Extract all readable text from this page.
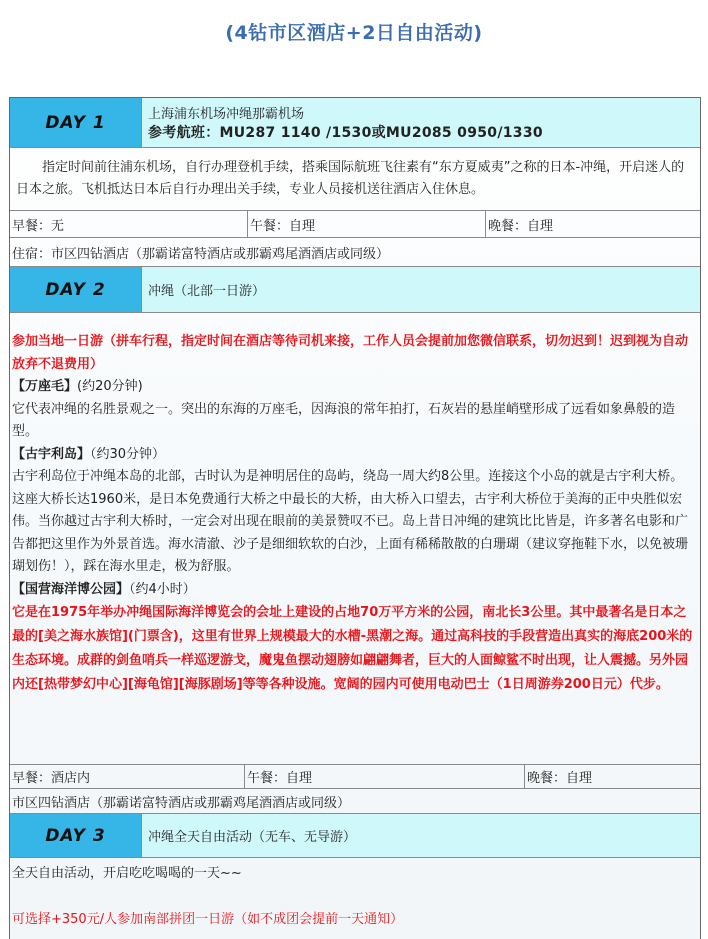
(4钻市区酒店+2日自由活动)
DAY 1	上海浦东机场冲绳那霸机场
参考航班：MU287 1140 /1530或MU2085 0950/1330
指定时间前往浦东机场，自行办理登机手续，搭乘国际航班飞往素有“东方夏威夷”之称的日本-冲绳，开启迷人的日本之旅。飞机抵达日本后自行办理出关手续，专业人员接机送往酒店入住休息。
早餐：无	午餐：自理	晚餐：自理
住宿：市区四钻酒店（那霸诺富特酒店或那霸鸡尾酒酒店或同级）
DAY 2	冲绳（北部一日游）

参加当地一日游（拼车行程，指定时间在酒店等待司机来接，工作人员会提前加您微信联系，切勿迟到！迟到视为自动放弃不退费用）

【万座毛】(约20分钟)

它代表冲绳的名胜景观之一。突出的东海的万座毛，因海浪的常年拍打，石灰岩的悬崖峭壁形成了远看如象鼻般的造型。

【古宇利岛】（约30分钟）

古宇利岛位于冲绳本岛的北部，古时认为是神明居住的岛屿，绕岛一周大约8公里。连接这个小岛的就是古宇利大桥。这座大桥长达1960米，是日本免费通行大桥之中最长的大桥，由大桥入口望去，古宇利大桥位于美海的正中央胜似宏伟。当你越过古宇利大桥时，一定会对出现在眼前的美景赞叹不已。岛上昔日冲绳的建筑比比皆是，许多著名电影和广告都把这里作为外景首选。海水清澈、沙子是细细软软的白沙，上面有稀稀散散的白珊瑚（建议穿拖鞋下水，以免被珊瑚划伤！），踩在海水里走，极为舒服。

【国营海洋博公园】（约4小时）

它是在1975年举办冲绳国际海洋博览会的会址上建设的占地70万平方米的公园，南北长3公里。其中最著名是日本之最的[美之海水族馆](门票含)，这里有世界上规模最大的水槽-黑潮之海。通过高科技的手段营造出真实的海底200米的生态环境。成群的剑鱼哨兵一样巡逻游戈，魔鬼鱼摆动翅膀如翩翩舞者，巨大的人面鲸鲨不时出现，让人震撼。另外园内还[热带梦幻中心][海龟馆][海豚剧场]等等各种设施。宽阔的园内可使用电动巴士（1日周游券200日元）代步。

早餐：酒店内	午餐：自理	晚餐：自理
市区四钻酒店（那霸诺富特酒店或那霸鸡尾酒酒店或同级）
DAY 3	冲绳全天自由活动（无车、无导游）
全天自由活动，开启吃吃喝喝的一天~~
可选择+350元/人参加南部拼团一日游（如不成团会提前一天通知）
